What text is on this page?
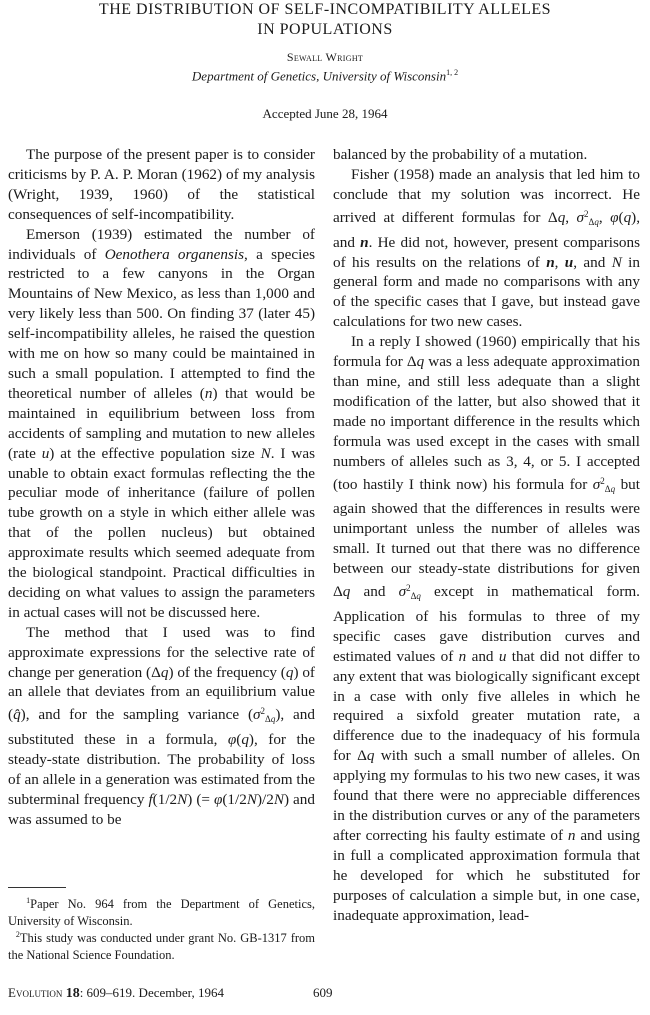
THE DISTRIBUTION OF SELF-INCOMPATIBILITY ALLELES
IN POPULATIONS
Sewall Wright
Department of Genetics, University of Wisconsin$^{1, 2}$
Accepted June 28, 1964

The purpose of the present paper is to consider criticisms by P. A. P. Moran (1962) of my analysis (Wright, 1939, 1960) of the statistical consequences of self-incompatibility.

Emerson (1939) estimated the number of individuals of Oenothera organensis, a species restricted to a few canyons in the Organ Mountains of New Mexico, as less than 1,000 and very likely less than 500. On finding 37 (later 45) self-incompatibility alleles, he raised the question with me on how so many could be maintained in such a small population. I attempted to find the theoretical number of alleles (n) that would be maintained in equilibrium between loss from accidents of sampling and mutation to new alleles (rate u) at the effective population size N. I was unable to obtain exact formulas reflecting the the peculiar mode of inheritance (failure of pollen tube growth on a style in which either allele was that of the pollen nucleus) but obtained approximate results which seemed adequate from the biological standpoint. Practical difficulties in deciding on what values to assign the parameters in actual cases will not be discussed here.

The method that I used was to find approximate expressions for the selective rate of change per generation (Δq) of the frequency (q) of an allele that deviates from an equilibrium value (q̂), and for the sampling variance $(\sigma^2_{\Delta q})$, and substituted these in a formula, φ(q), for the steady-state distribution. The probability of loss of an allele in a generation was estimated from the subterminal frequency f(1/2N) (= φ(1/2N)/2N) and was assumed to be

balanced by the probability of a mutation.

Fisher (1958) made an analysis that led him to conclude that my solution was incorrect. He arrived at different formulas for Δq, $\sigma^2_{\Delta q}$, φ(q), and n. He did not, however, present comparisons of his results on the relations of n, u, and N in general form and made no comparisons with any of the specific cases that I gave, but instead gave calculations for two new cases.

In a reply I showed (1960) empirically that his formula for Δq was a less adequate approximation than mine, and still less adequate than a slight modification of the latter, but also showed that it made no important difference in the results which formula was used except in the cases with small numbers of alleles such as 3, 4, or 5. I accepted (too hastily I think now) his formula for $\sigma^2_{\Delta q}$ but again showed that the differences in results were unimportant unless the number of alleles was small. It turned out that there was no difference between our steady-state distributions for given Δq and $\sigma^2_{\Delta q}$ except in mathematical form. Application of his formulas to three of my specific cases gave distribution curves and estimated values of n and u that did not differ to any extent that was biologically significant except in a case with only five alleles in which he required a sixfold greater mutation rate, a difference due to the inadequacy of his formula for Δq with such a small number of alleles. On applying my formulas to his two new cases, it was found that there were no appreciable differences in the distribution curves or any of the parameters after correcting his faulty estimate of n and using in full a complicated approximation formula that he developed for which he substituted for purposes of calculation a simple but, in one case, inadequate approximation, lead-

$^1$Paper No. 964 from the Department of Genetics, University of Wisconsin.
$^2$This study was conducted under grant No. GB-1317 from the National Science Foundation.
Evolution 18: 609–619. December, 1964	609
